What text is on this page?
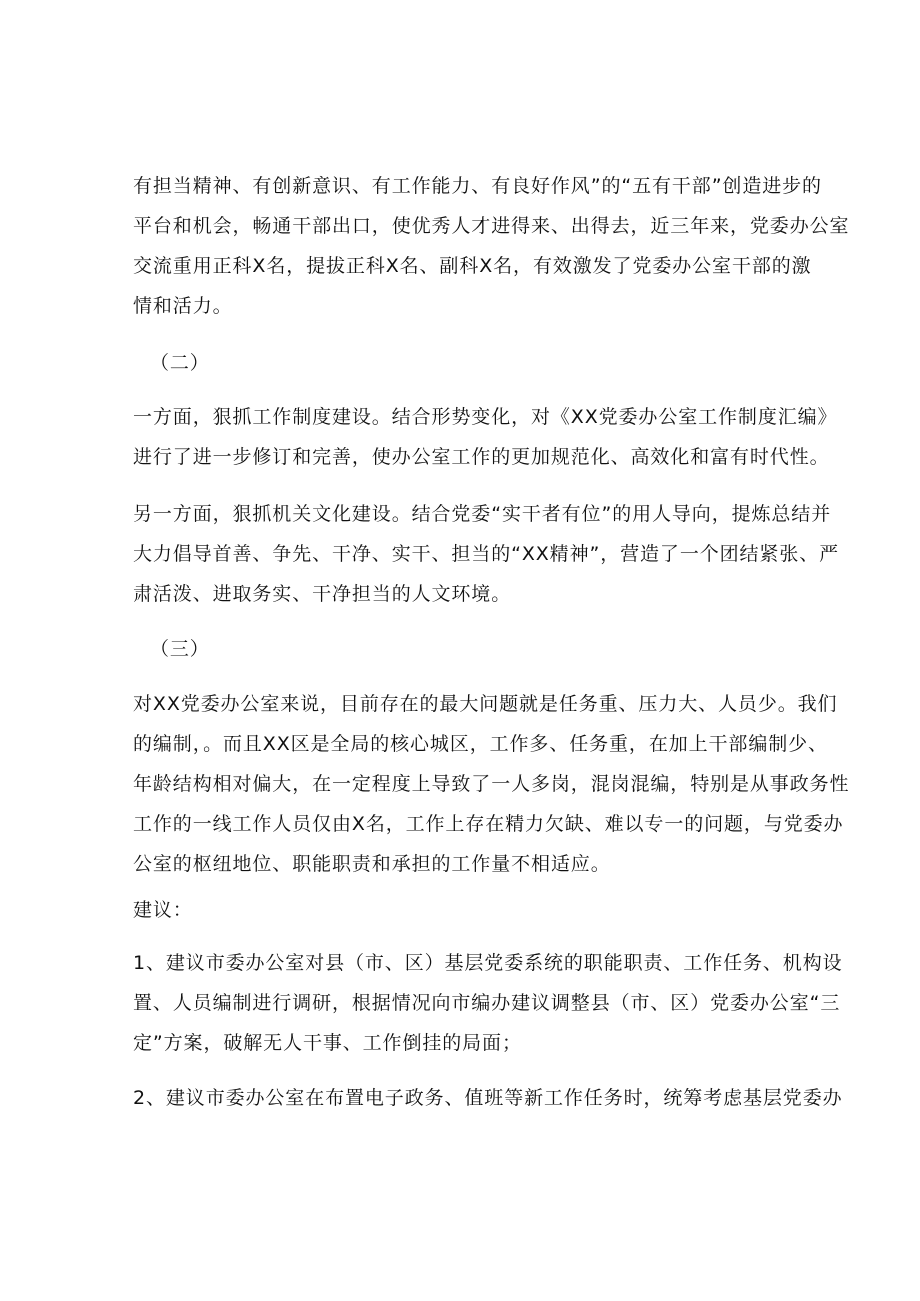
有担当精神、有创新意识、有工作能力、有良好作风”的“五有干部”创造进步的
平台和机会，畅通干部出口，使优秀人才进得来、出得去，近三年来，党委办公室
交流重用正科X名，提拔正科X名、副科X名，有效激发了党委办公室干部的激
情和活力。
（二）
一方面，狠抓工作制度建设。结合形势变化，对《XX党委办公室工作制度汇编》
进行了进一步修订和完善，使办公室工作的更加规范化、高效化和富有时代性。
另一方面，狠抓机关文化建设。结合党委“实干者有位”的用人导向，提炼总结并
大力倡导首善、争先、干净、实干、担当的“XX精神”，营造了一个团结紧张、严
肃活泼、进取务实、干净担当的人文环境。
（三）
对XX党委办公室来说，目前存在的最大问题就是任务重、压力大、人员少。我们
的编制，。而且XX区是全局的核心城区，工作多、任务重，在加上干部编制少、
年龄结构相对偏大，在一定程度上导致了一人多岗，混岗混编，特别是从事政务性
工作的一线工作人员仅由X名，工作上存在精力欠缺、难以专一的问题，与党委办
公室的枢纽地位、职能职责和承担的工作量不相适应。
建议：
1、建议市委办公室对县（市、区）基层党委系统的职能职责、工作任务、机构设
置、人员编制进行调研，根据情况向市编办建议调整县（市、区）党委办公室“三
定”方案，破解无人干事、工作倒挂的局面；
2、建议市委办公室在布置电子政务、值班等新工作任务时，统筹考虑基层党委办
